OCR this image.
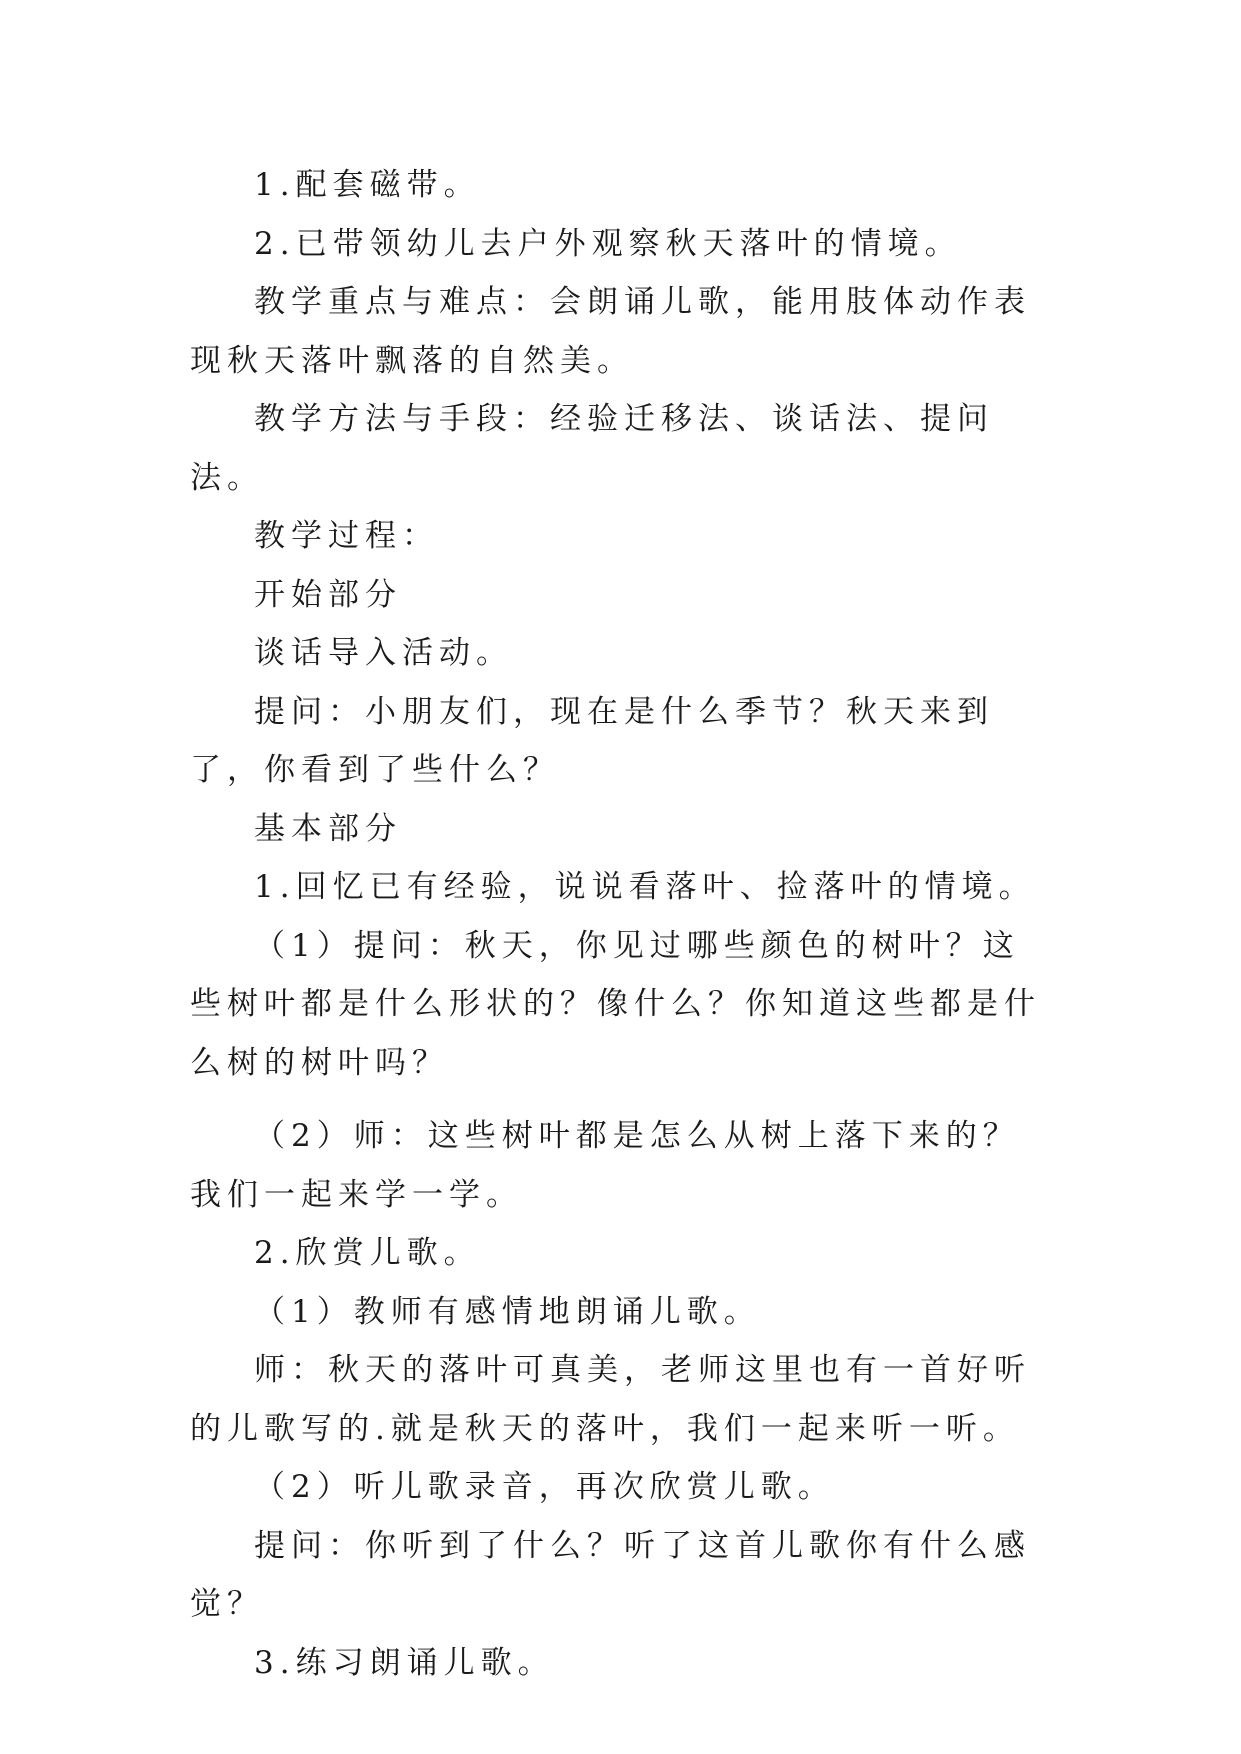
1.配套磁带。

2.已带领幼儿去户外观察秋天落叶的情境。

教学重点与难点：会朗诵儿歌，能用肢体动作表现秋天落叶飘落的自然美。

教学方法与手段：经验迁移法、谈话法、提问法。

教学过程：

开始部分

谈话导入活动。

提问：小朋友们，现在是什么季节？秋天来到了，你看到了些什么？

基本部分

1.回忆已有经验，说说看落叶、捡落叶的情境。

（1）提问：秋天，你见过哪些颜色的树叶？这些树叶都是什么形状的？像什么？你知道这些都是什么树的树叶吗？

（2）师：这些树叶都是怎么从树上落下来的？我们一起来学一学。

2.欣赏儿歌。

（1）教师有感情地朗诵儿歌。

师：秋天的落叶可真美，老师这里也有一首好听的儿歌写的.就是秋天的落叶，我们一起来听一听。

（2）听儿歌录音，再次欣赏儿歌。

提问：你听到了什么？听了这首儿歌你有什么感觉？

3.练习朗诵儿歌。
